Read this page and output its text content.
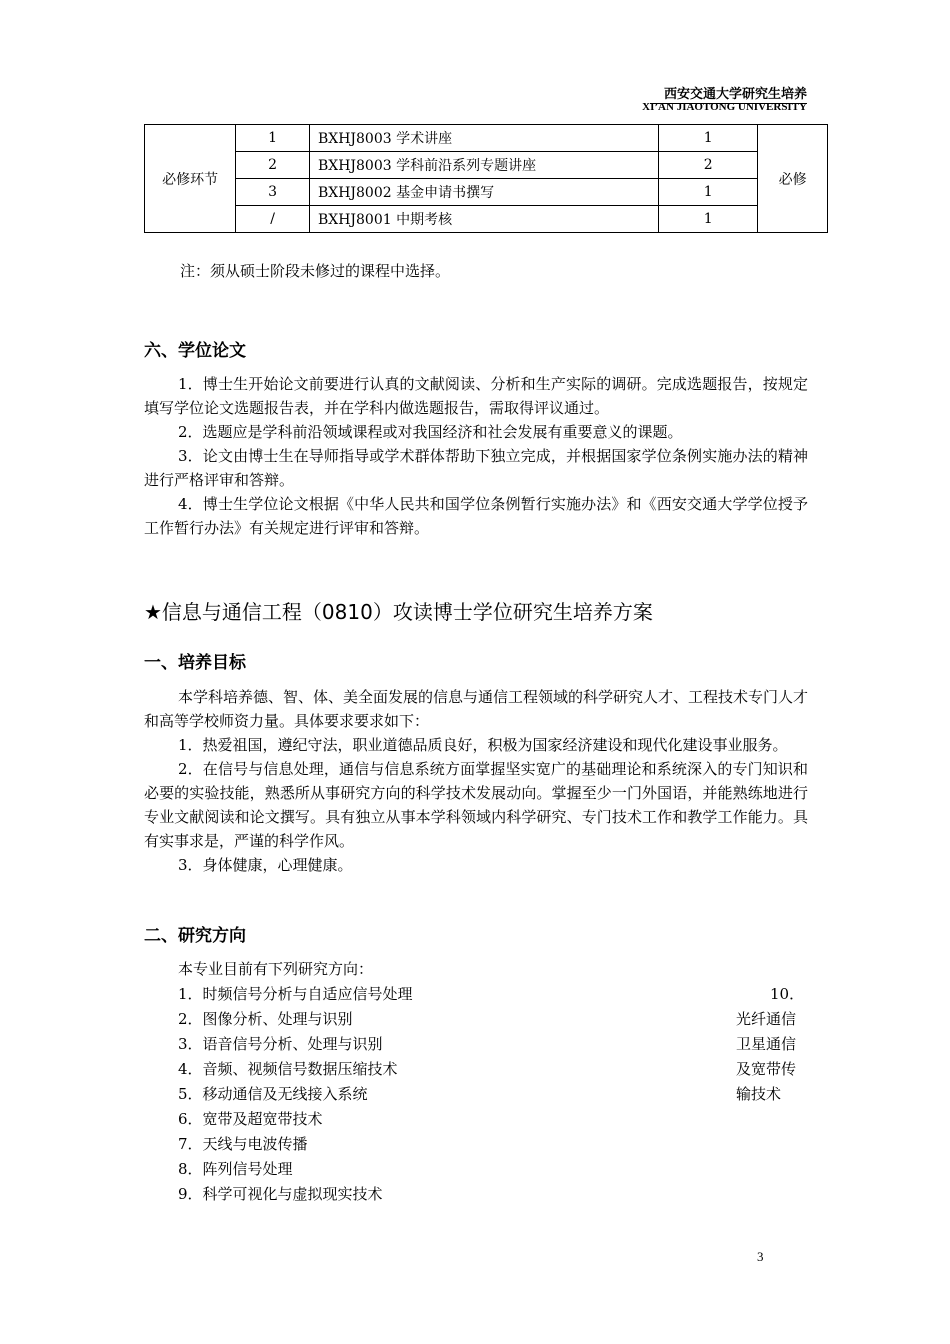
西安交通大学研究生培养
XI’AN JIAOTONG UNIVERSITY
必修环节	1	BXHJ8003 学术讲座	1	必修
	2	BXHJ8003 学科前沿系列专题讲座	2	
	3	BXHJ8002 基金申请书撰写	1	
	/	BXHJ8001 中期考核	1	
注：须从硕士阶段未修过的课程中选择。
六、学位论文

1．博士生开始论文前要进行认真的文献阅读、分析和生产实际的调研。完成选题报告，按规定填写学位论文选题报告表，并在学科内做选题报告，需取得评议通过。

2．选题应是学科前沿领域课程或对我国经济和社会发展有重要意义的课题。

3．论文由博士生在导师指导或学术群体帮助下独立完成，并根据国家学位条例实施办法的精神进行严格评审和答辩。

4．博士生学位论文根据《中华人民共和国学位条例暂行实施办法》和《西安交通大学学位授予工作暂行办法》有关规定进行评审和答辩。

★信息与通信工程（0810）攻读博士学位研究生培养方案
一、培养目标

本学科培养德、智、体、美全面发展的信息与通信工程领域的科学研究人才、工程技术专门人才和高等学校师资力量。具体要求要求如下：

1．热爱祖国，遵纪守法，职业道德品质良好，积极为国家经济建设和现代化建设事业服务。

2．在信号与信息处理，通信与信息系统方面掌握坚实宽广的基础理论和系统深入的专门知识和必要的实验技能，熟悉所从事研究方向的科学技术发展动向。掌握至少一门外国语，并能熟练地进行专业文献阅读和论文撰写。具有独立从事本学科领域内科学研究、专门技术工作和教学工作能力。具有实事求是，严谨的科学作风。

3．身体健康，心理健康。

二、研究方向
本专业目前有下列研究方向：
1．时频信号分析与自适应信号处理
2．图像分析、处理与识别
3．语音信号分析、处理与识别
4．音频、视频信号数据压缩技术
5．移动通信及无线接入系统
6．宽带及超宽带技术
7．天线与电波传播
8．阵列信号处理
9．科学可视化与虚拟现实技术
10．
光纤通信
卫星通信
及宽带传
输技术
3
